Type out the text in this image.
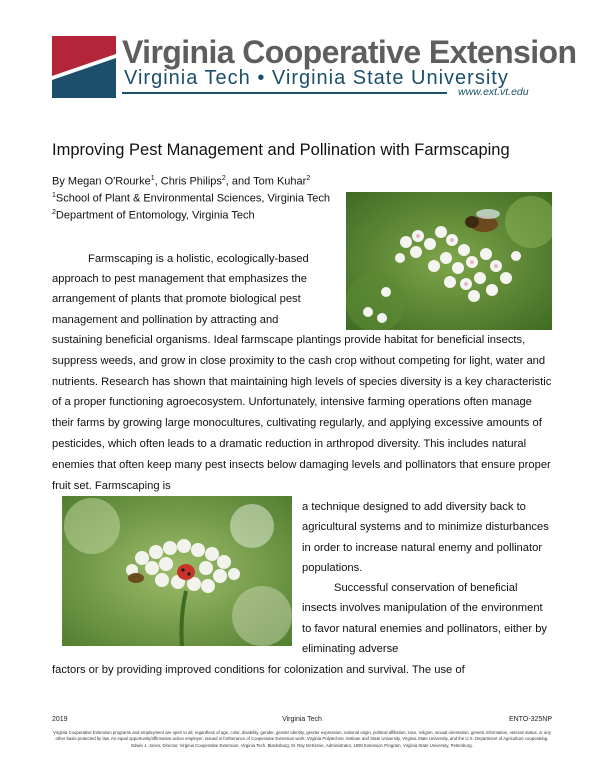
Virginia Cooperative Extension
Virginia Tech • Virginia State University
www.ext.vt.edu
Improving Pest Management and Pollination with Farmscaping
By Megan O'Rourke$^1$, Chris Philips$^2$, and Tom Kuhar$^2$
$^1$School of Plant & Environmental Sciences, Virginia Tech
$^2$Department of Entomology, Virginia Tech
Farmscaping is a holistic, ecologically-based approach to pest management that emphasizes the arrangement of plants that promote biological pest management and pollination by attracting and
sustaining beneficial organisms. Ideal farmscape plantings provide habitat for beneficial insects, suppress weeds, and grow in close proximity to the cash crop without competing for light, water and nutrients. Research has shown that maintaining high levels of species diversity is a key characteristic of a proper functioning agroecosystem. Unfortunately, intensive farming operations often manage their farms by growing large monocultures, cultivating regularly, and applying excessive amounts of pesticides, which often leads to a dramatic reduction in arthropod diversity. This includes natural enemies that often keep many pest insects below damaging levels and pollinators that ensure proper fruit set. Farmscaping is
a technique designed to add diversity back to agricultural systems and to minimize disturbances in order to increase natural enemy and pollinator populations.
Successful conservation of beneficial insects involves manipulation of the environment to favor natural enemies and pollinators, either by eliminating adverse
factors or by providing improved conditions for colonization and survival. The use of
2019	Virginia Tech	ENTO-325NP
Virginia Cooperative Extension programs and employment are open to all, regardless of age, color, disability, gender, gender identity, gender expression, national origin, political affiliation, race, religion, sexual orientation, genetic information, veteran status, or any other basis protected by law. An equal opportunity/affirmative action employer. Issued in furtherance of Cooperative Extension work, Virginia Polytechnic Institute and State University, Virginia State University, and the U.S. Department of Agriculture cooperating. Edwin J. Jones, Director, Virginia Cooperative Extension, Virginia Tech, Blacksburg; M. Ray McKinnie, Administrator, 1890 Extension Program, Virginia State University, Petersburg.
